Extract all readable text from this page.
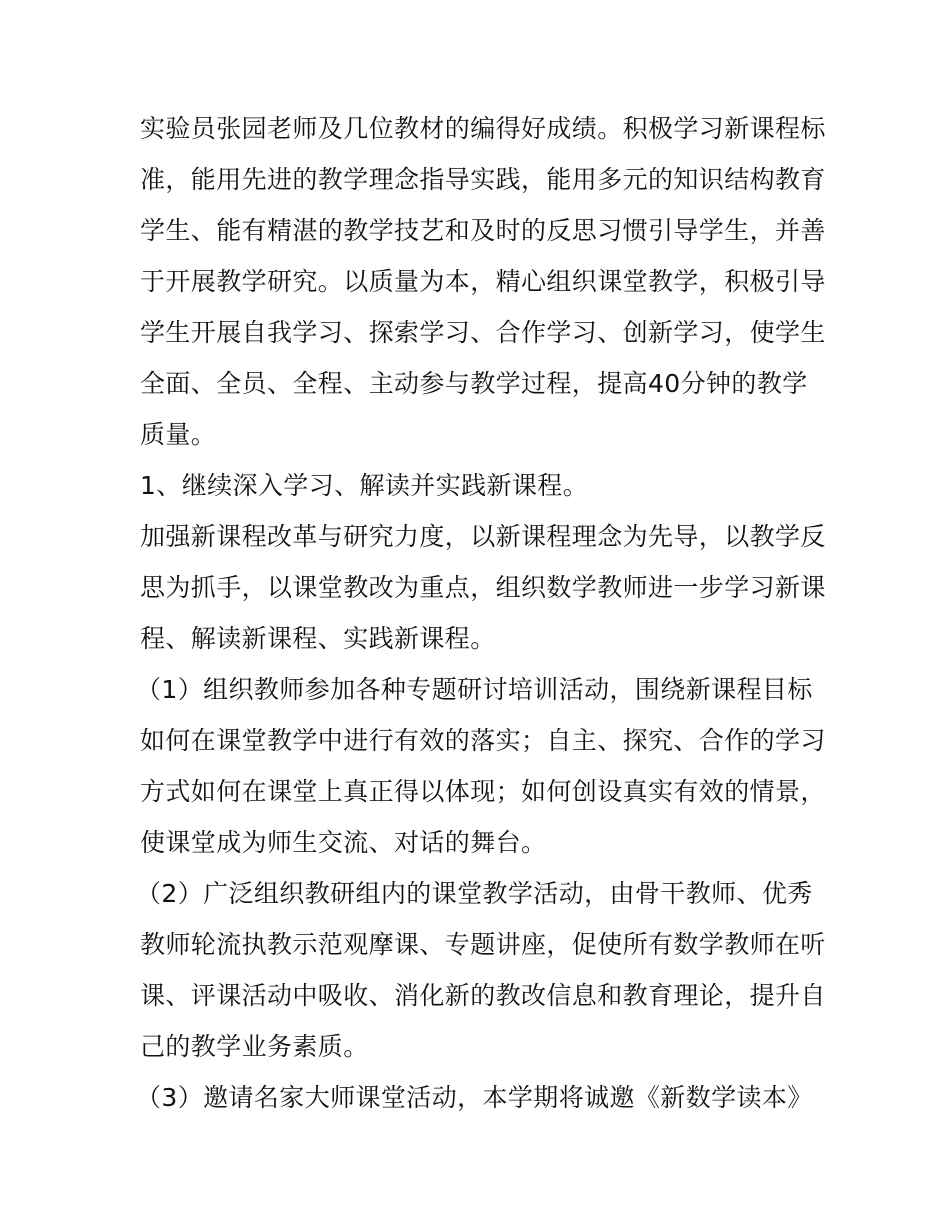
实验员张园老师及几位教材的编得好成绩。积极学习新课程标
准，能用先进的教学理念指导实践，能用多元的知识结构教育
学生、能有精湛的教学技艺和及时的反思习惯引导学生，并善
于开展教学研究。以质量为本，精心组织课堂教学，积极引导
学生开展自我学习、探索学习、合作学习、创新学习，使学生
全面、全员、全程、主动参与教学过程，提高40分钟的教学
质量。
1、继续深入学习、解读并实践新课程。
加强新课程改革与研究力度，以新课程理念为先导，以教学反
思为抓手，以课堂教改为重点，组织数学教师进一步学习新课
程、解读新课程、实践新课程。
（1）组织教师参加各种专题研讨培训活动，围绕新课程目标
如何在课堂教学中进行有效的落实；自主、探究、合作的学习
方式如何在课堂上真正得以体现；如何创设真实有效的情景，
使课堂成为师生交流、对话的舞台。
（2）广泛组织教研组内的课堂教学活动，由骨干教师、优秀
教师轮流执教示范观摩课、专题讲座，促使所有数学教师在听
课、评课活动中吸收、消化新的教改信息和教育理论，提升自
己的教学业务素质。
（3）邀请名家大师课堂活动，本学期将诚邀《新数学读本》
